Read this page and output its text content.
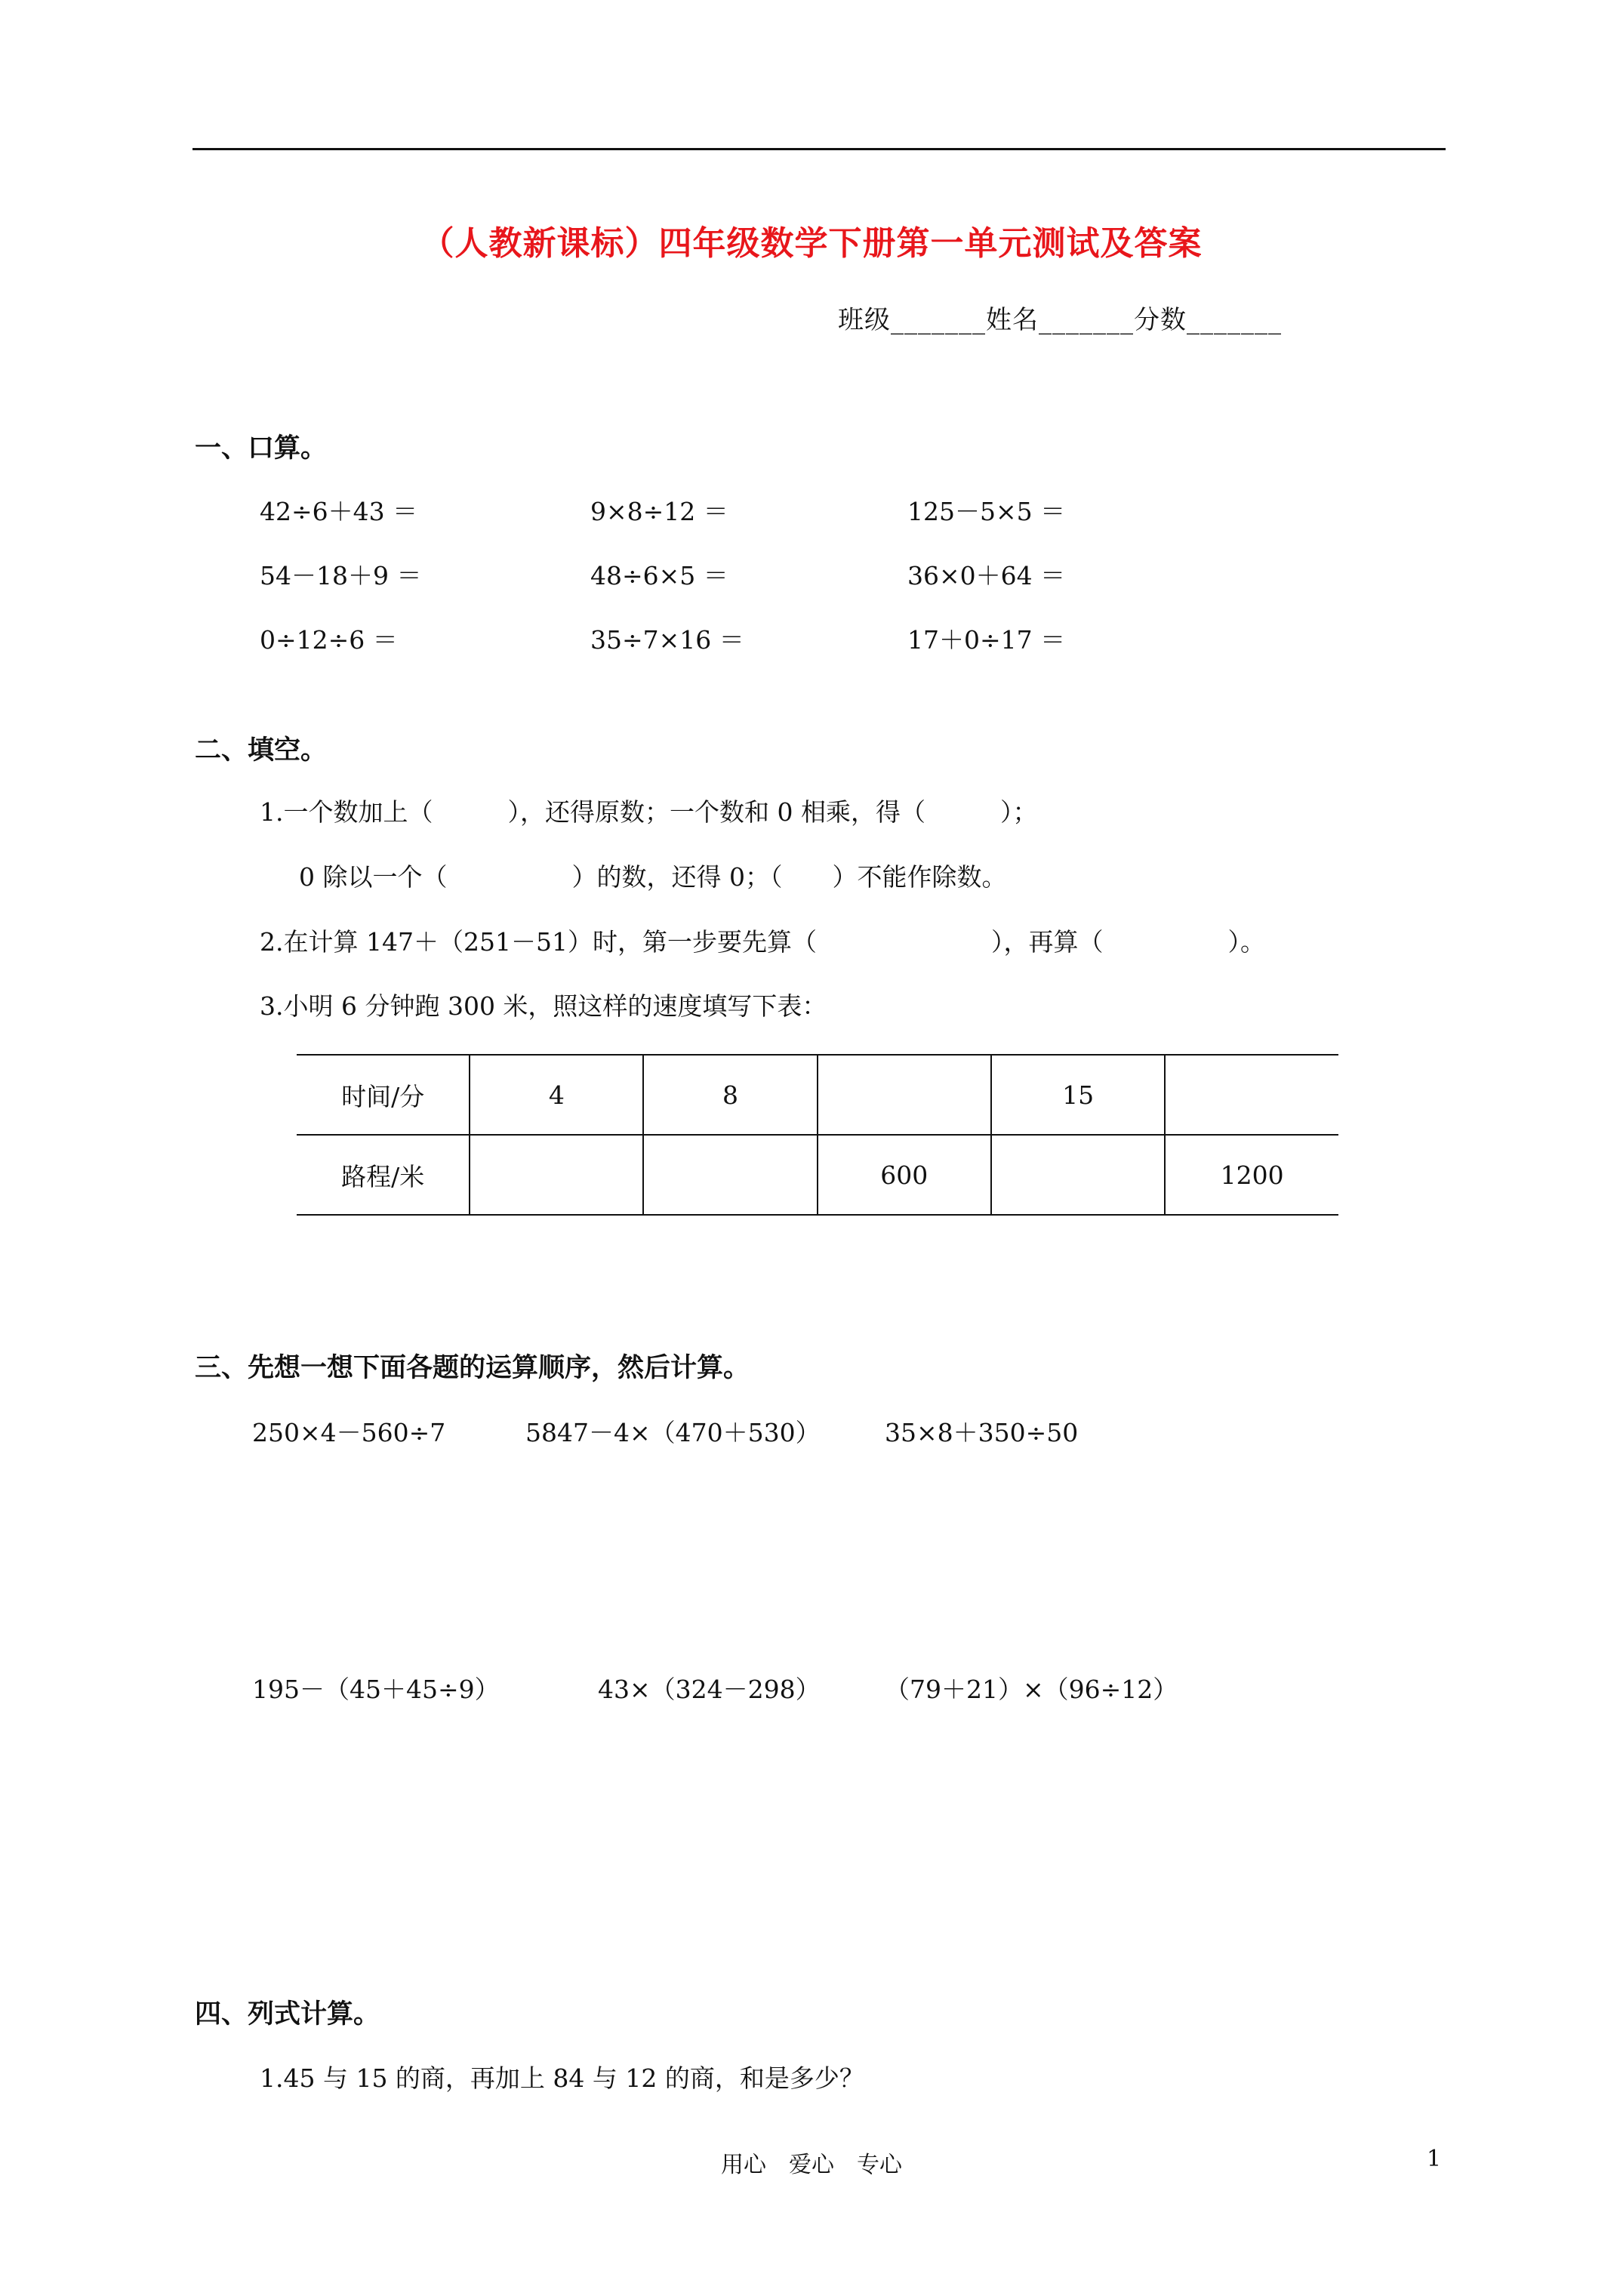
（人教新课标）四年级数学下册第一单元测试及答案
班级_______姓名_______分数_______
一、口算。
42÷6＋43 ＝	9×8÷12 ＝	125－5×5 ＝
54－18＋9 ＝	48÷6×5 ＝	36×0＋64 ＝
0÷12÷6 ＝	35÷7×16 ＝	17＋0÷17 ＝
二、填空。
1.一个数加上（　　　），还得原数；一个数和 0 相乘，得（　　　）；
0 除以一个（　　　　　）的数，还得 0；（　　）不能作除数。
2.在计算 147＋（251－51）时，第一步要先算（　　　　　　　），再算（　　　　　）。
3.小明 6 分钟跑 300 米，照这样的速度填写下表：
时间/分	4	8		15	
路程/米			600		1200
三、先想一想下面各题的运算顺序，然后计算。
250×4－560÷7	5847－4×（470＋530）	35×8＋350÷50
195－（45＋45÷9）	43×（324－298）	（79＋21）×（96÷12）
四、列式计算。
1.45 与 15 的商，再加上 84 与 12 的商，和是多少？
用心　爱心　专心	1
